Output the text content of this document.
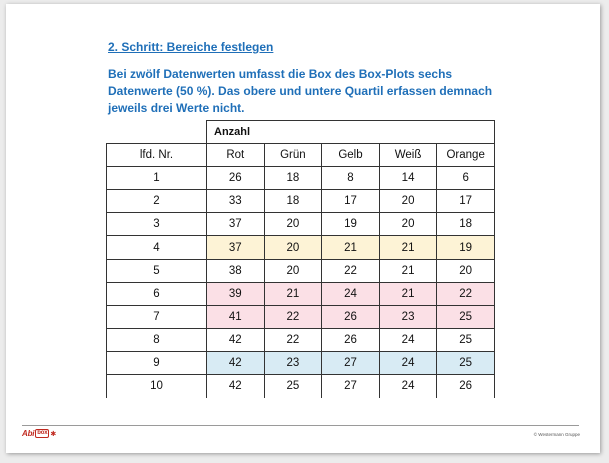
2. Schritt: Bereiche festlegen
Bei zwölf Datenwerten umfasst die Box des Box-Plots sechs
Datenwerte (50 %). Das obere und untere Quartil erfassen demnach
jeweils drei Werte nicht.
	Anzahl				
lfd. Nr.	Rot	Grün	Gelb	Weiß	Orange
1	26	18	8	14	6
2	33	18	17	20	17
3	37	20	19	20	18
4	37	20	21	21	19
5	38	20	22	21	20
6	39	21	24	21	22
7	41	22	26	23	25
8	42	22	26	24	25
9	42	23	27	24	25
10	42	25	27	24	26
Abi box ✱	© Westermann Gruppe
